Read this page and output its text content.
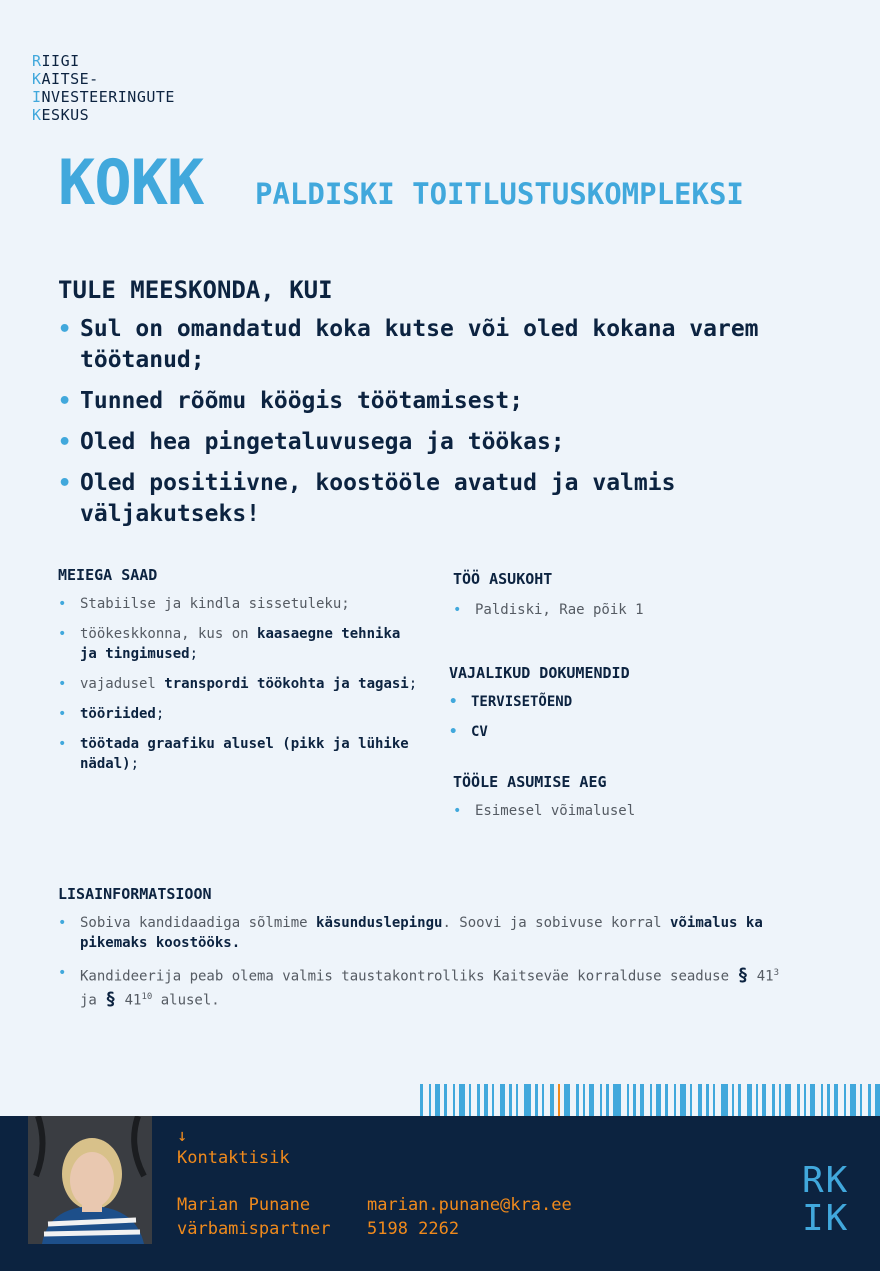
RIIGI
KAITSE-
INVESTEERINGUTE
KESKUS
KOKK PALDISKI TOITLUSTUSKOMPLEKSI
TULE MEESKONDA, KUI
• Sul on omandatud koka kutse või oled kokana varem töötanud;
• Tunned rõõmu köögis töötamisest;
• Oled hea pingetaluvusega ja töökas;
• Oled positiivne, koostööle avatud ja valmis väljakutseks!
MEIEGA SAAD
• Stabiilse ja kindla sissetuleku;
• töökeskkonna, kus on kaasaegne tehnika ja tingimused;
• vajadusel transpordi töökohta ja tagasi;
• tööriided;
• töötada graafiku alusel (pikk ja lühike nädal);
TÖÖ ASUKOHT
• Paldiski, Rae põik 1
VAJALIKUD DOKUMENDID
• TERVISETÕEND
• CV
TÖÖLE ASUMISE AEG
• Esimesel võimalusel
LISAINFORMATSIOON
• Sobiva kandidaadiga sõlmime käsunduslepingu. Soovi ja sobivuse korral võimalus ka pikemaks koostööks.
• Kandideerija peab olema valmis taustakontrolliks Kaitseväe korralduse seaduse § $41^3$ ja § $41^{10}$ alusel.
↓
Kontaktisik
Marian Punane
värbamispartner
marian.punane@kra.ee
5198 2262
RK
IK
